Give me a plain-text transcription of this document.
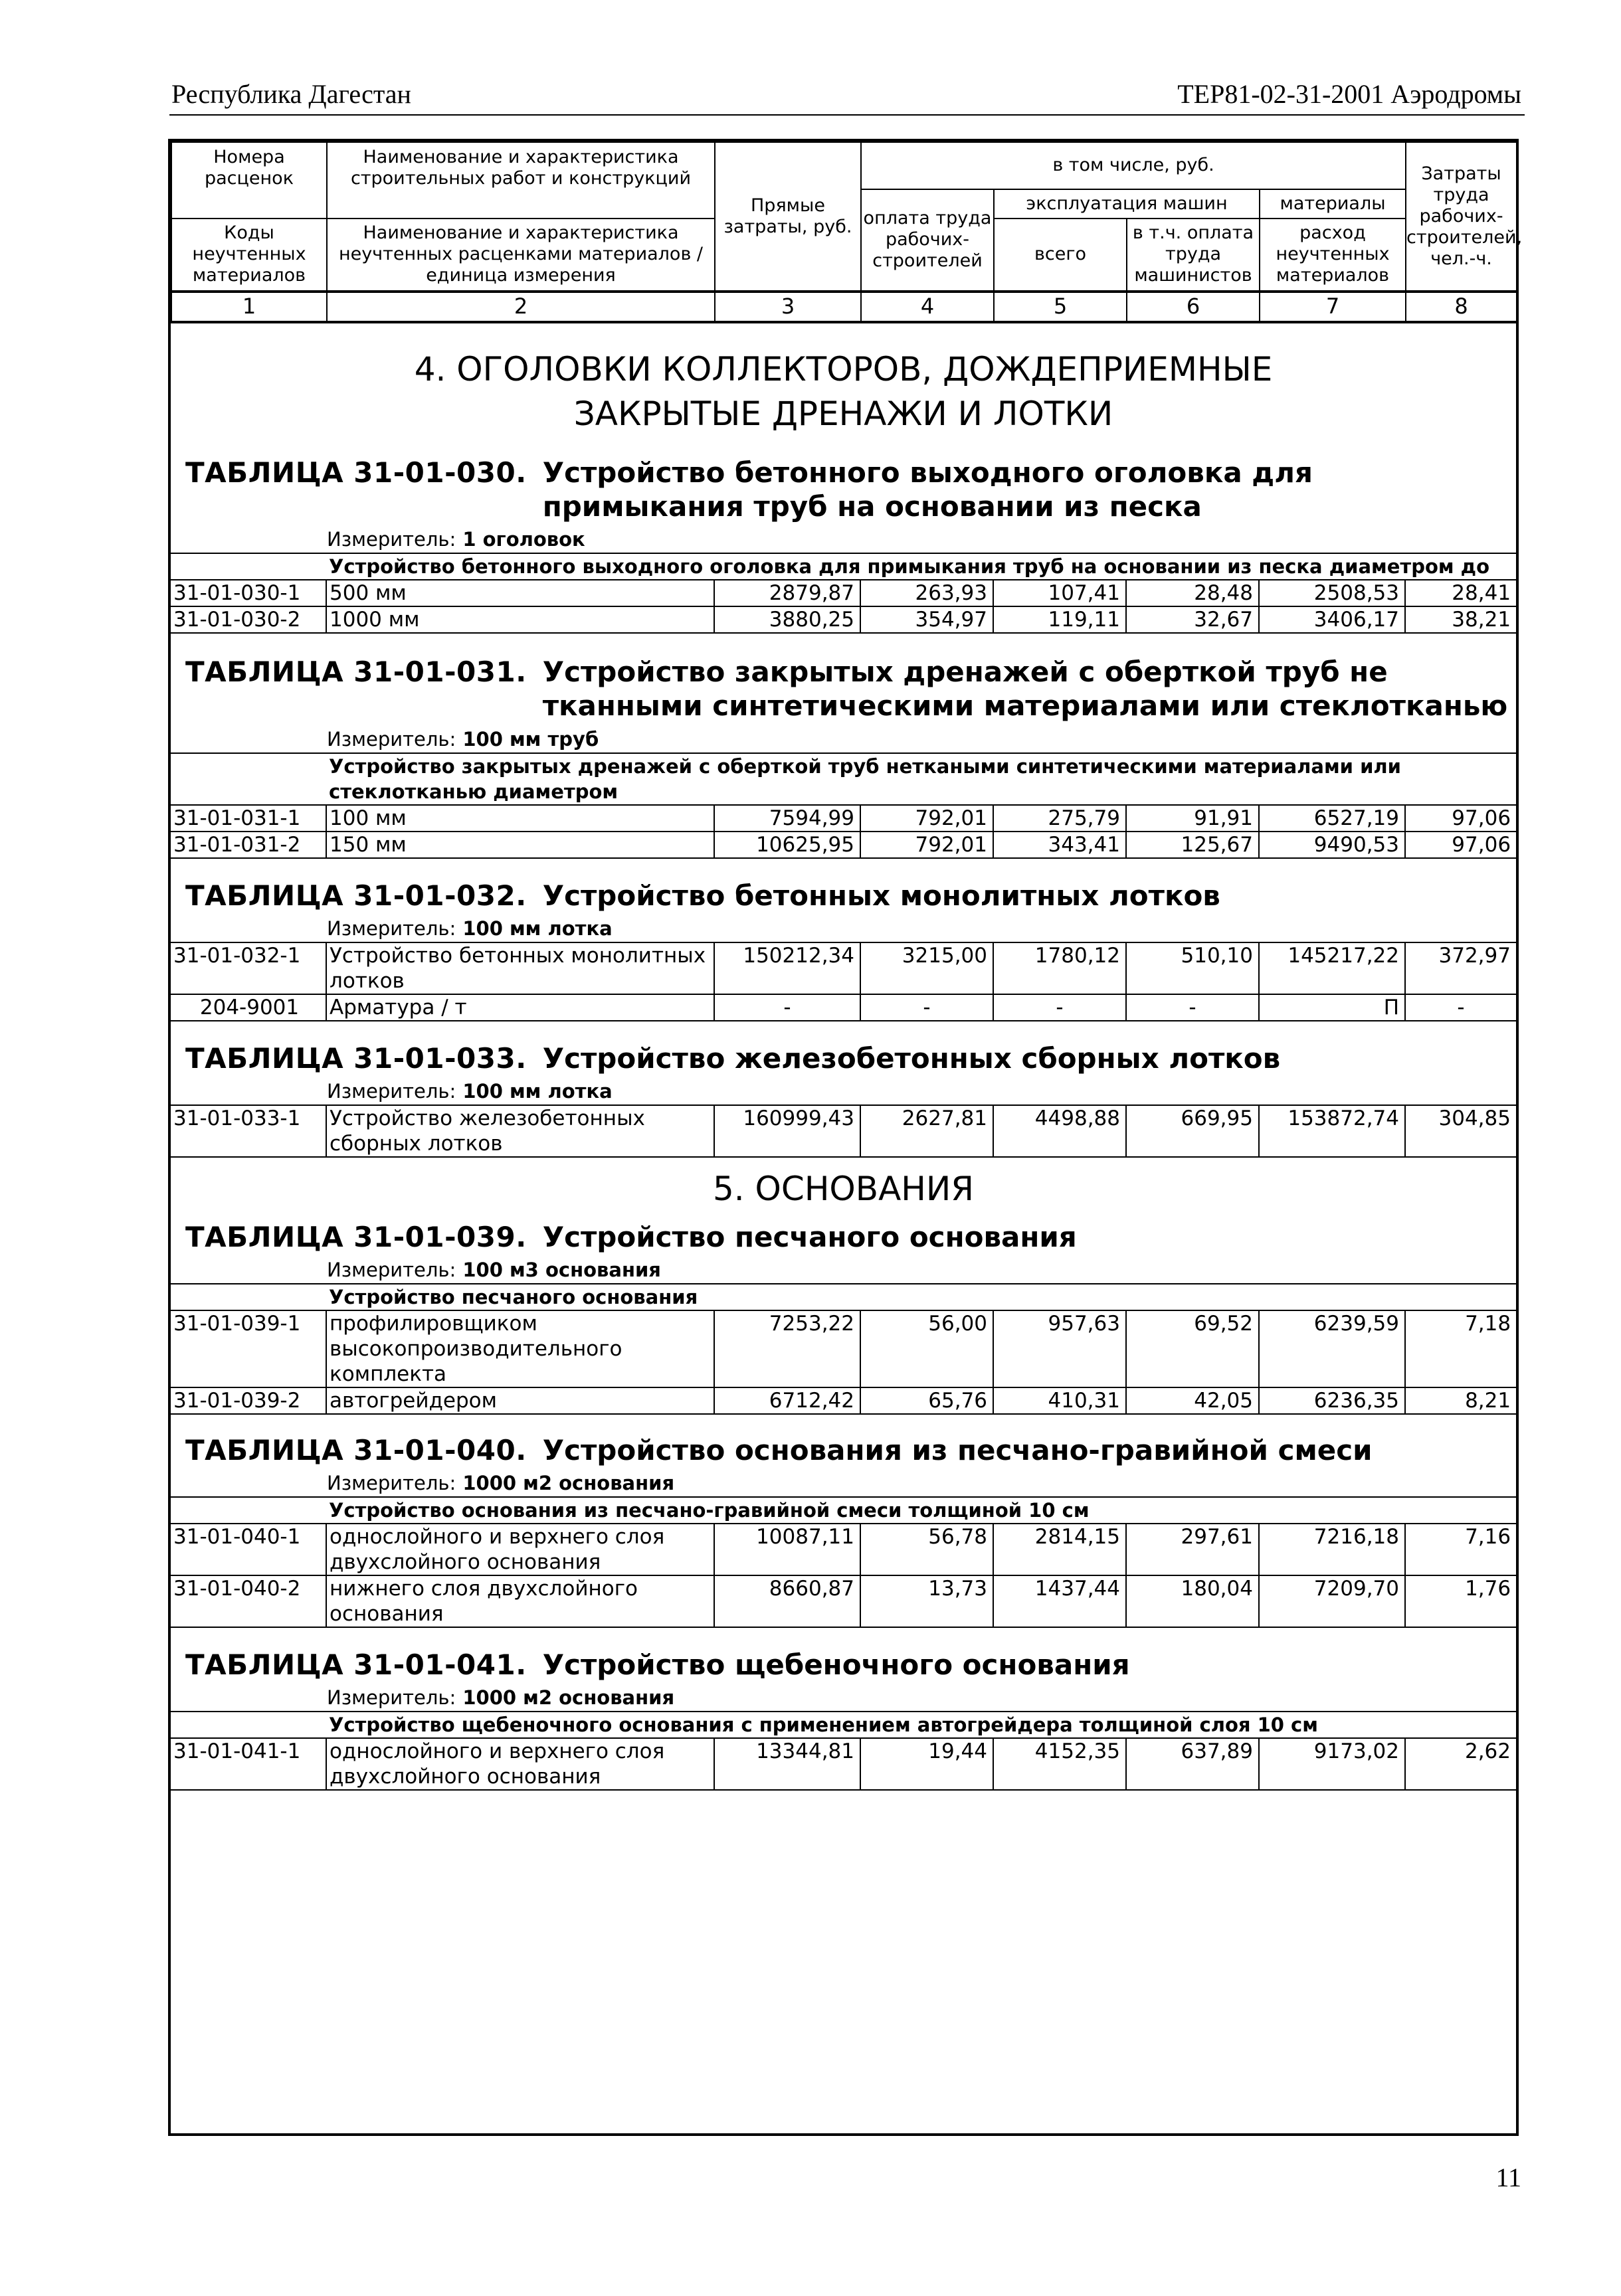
Республика Дагестан	ТЕР81-02-31-2001 Аэродромы
Номера расценок	Наименование и характеристика строительных работ и конструкций	Прямые затраты, руб.	в том числе, руб.				Затраты труда рабочих-строителей, чел.-ч.
			оплата труда рабочих-строителей	эксплуатация машин		материалы	
Коды неучтенных материалов	Наименование и характеристика неучтенных расценками материалов / единица измерения			всего	в т.ч. оплата труда машинистов	расход неучтенных материалов	
1	2	3	4	5	6	7	8
4. ОГОЛОВКИ КОЛЛЕКТОРОВ, ДОЖДЕПРИЕМНЫЕ
ЗАКРЫТЫЕ ДРЕНАЖИ И ЛОТКИ
ТАБЛИЦА 31-01-030. Устройство бетонного выходного оголовка для примыкания труб на основании из песка
Измеритель: 1 оголовок
	Устройство бетонного выходного оголовка для примыкания труб на основании из песка диаметром до						
31-01-030-1	500 мм	2879,87	263,93	107,41	28,48	2508,53	28,41
31-01-030-2	1000 мм	3880,25	354,97	119,11	32,67	3406,17	38,21
ТАБЛИЦА 31-01-031. Устройство закрытых дренажей с оберткой труб не тканными синтетическими материалами или стеклотканью
Измеритель: 100 мм труб
	Устройство закрытых дренажей с оберткой труб неткаными синтетическими материалами или стеклотканью диаметром						
31-01-031-1	100 мм	7594,99	792,01	275,79	91,91	6527,19	97,06
31-01-031-2	150 мм	10625,95	792,01	343,41	125,67	9490,53	97,06
ТАБЛИЦА 31-01-032. Устройство бетонных монолитных лотков
Измеритель: 100 мм лотка
31-01-032-1	Устройство бетонных монолитных лотков	150212,34	3215,00	1780,12	510,10	145217,22	372,97
204-9001	Арматура / т	-	-	-	-	П	-
ТАБЛИЦА 31-01-033. Устройство железобетонных сборных лотков
Измеритель: 100 мм лотка
31-01-033-1	Устройство железобетонных сборных лотков	160999,43	2627,81	4498,88	669,95	153872,74	304,85
5. ОСНОВАНИЯ
ТАБЛИЦА 31-01-039. Устройство песчаного основания
Измеритель: 100 м3 основания
	Устройство песчаного основания						
31-01-039-1	профилировщиком высокопроизводительного комплекта	7253,22	56,00	957,63	69,52	6239,59	7,18
31-01-039-2	автогрейдером	6712,42	65,76	410,31	42,05	6236,35	8,21
ТАБЛИЦА 31-01-040. Устройство основания из песчано-гравийной смеси
Измеритель: 1000 м2 основания
	Устройство основания из песчано-гравийной смеси толщиной 10 см						
31-01-040-1	однослойного и верхнего слоя двухслойного основания	10087,11	56,78	2814,15	297,61	7216,18	7,16
31-01-040-2	нижнего слоя двухслойного основания	8660,87	13,73	1437,44	180,04	7209,70	1,76
ТАБЛИЦА 31-01-041. Устройство щебеночного основания
Измеритель: 1000 м2 основания
	Устройство щебеночного основания с применением автогрейдера толщиной слоя 10 см						
31-01-041-1	однослойного и верхнего слоя двухслойного основания	13344,81	19,44	4152,35	637,89	9173,02	2,62
11
